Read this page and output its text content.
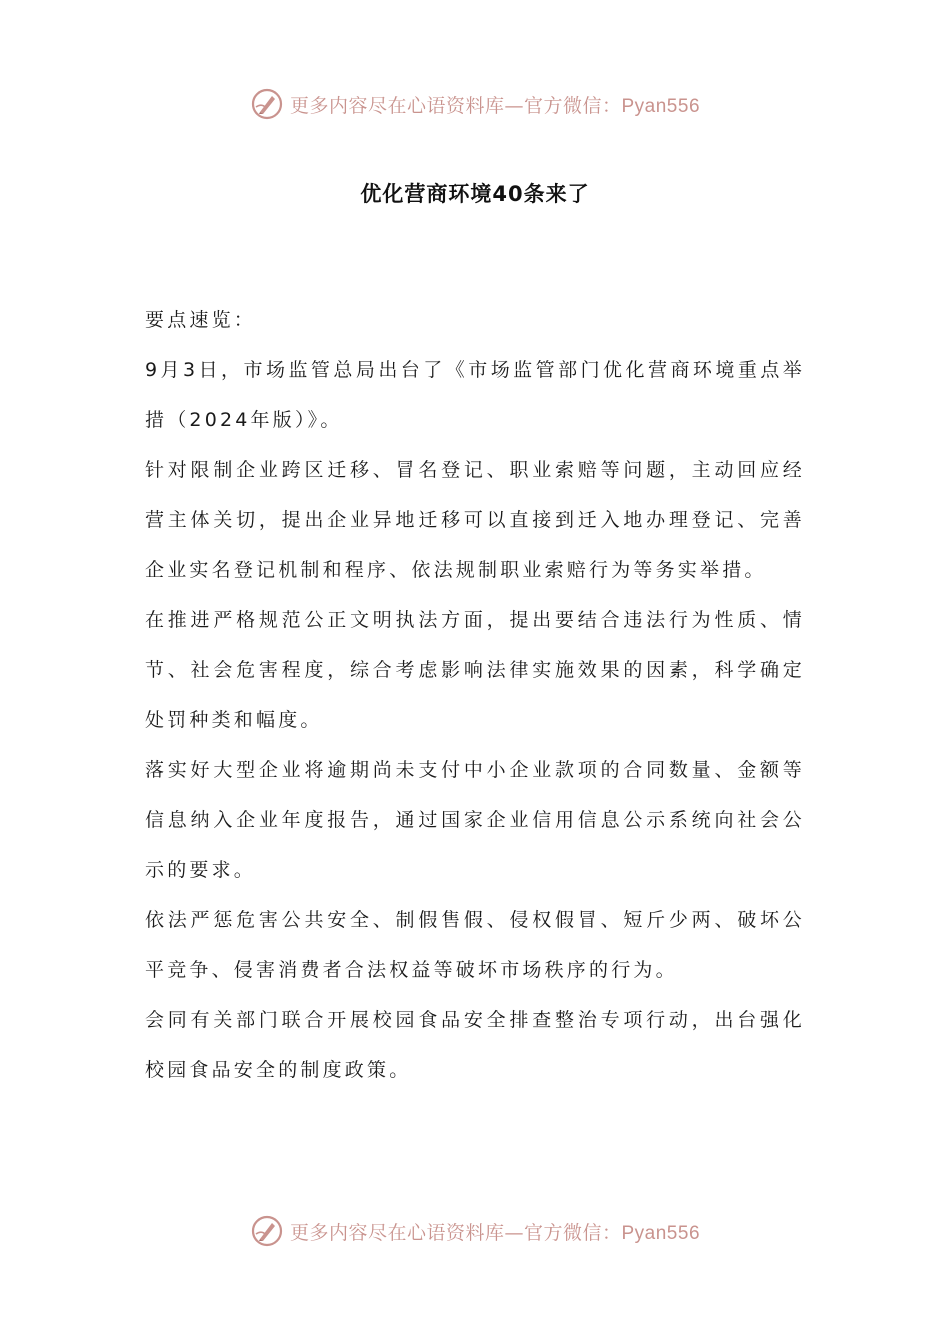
更多内容尽在心语资料库—官方微信：Pyan556
优化营商环境40条来了

要点速览：

9月3日，市场监管总局出台了《市场监管部门优化营商环境重点举措（2024年版）》。

针对限制企业跨区迁移、冒名登记、职业索赔等问题，主动回应经营主体关切，提出企业异地迁移可以直接到迁入地办理登记、完善企业实名登记机制和程序、依法规制职业索赔行为等务实举措。

在推进严格规范公正文明执法方面，提出要结合违法行为性质、情节、社会危害程度，综合考虑影响法律实施效果的因素，科学确定处罚种类和幅度。

落实好大型企业将逾期尚未支付中小企业款项的合同数量、金额等信息纳入企业年度报告，通过国家企业信用信息公示系统向社会公示的要求。

依法严惩危害公共安全、制假售假、侵权假冒、短斤少两、破坏公平竞争、侵害消费者合法权益等破坏市场秩序的行为。

会同有关部门联合开展校园食品安全排查整治专项行动，出台强化校园食品安全的制度政策。

更多内容尽在心语资料库—官方微信：Pyan556
